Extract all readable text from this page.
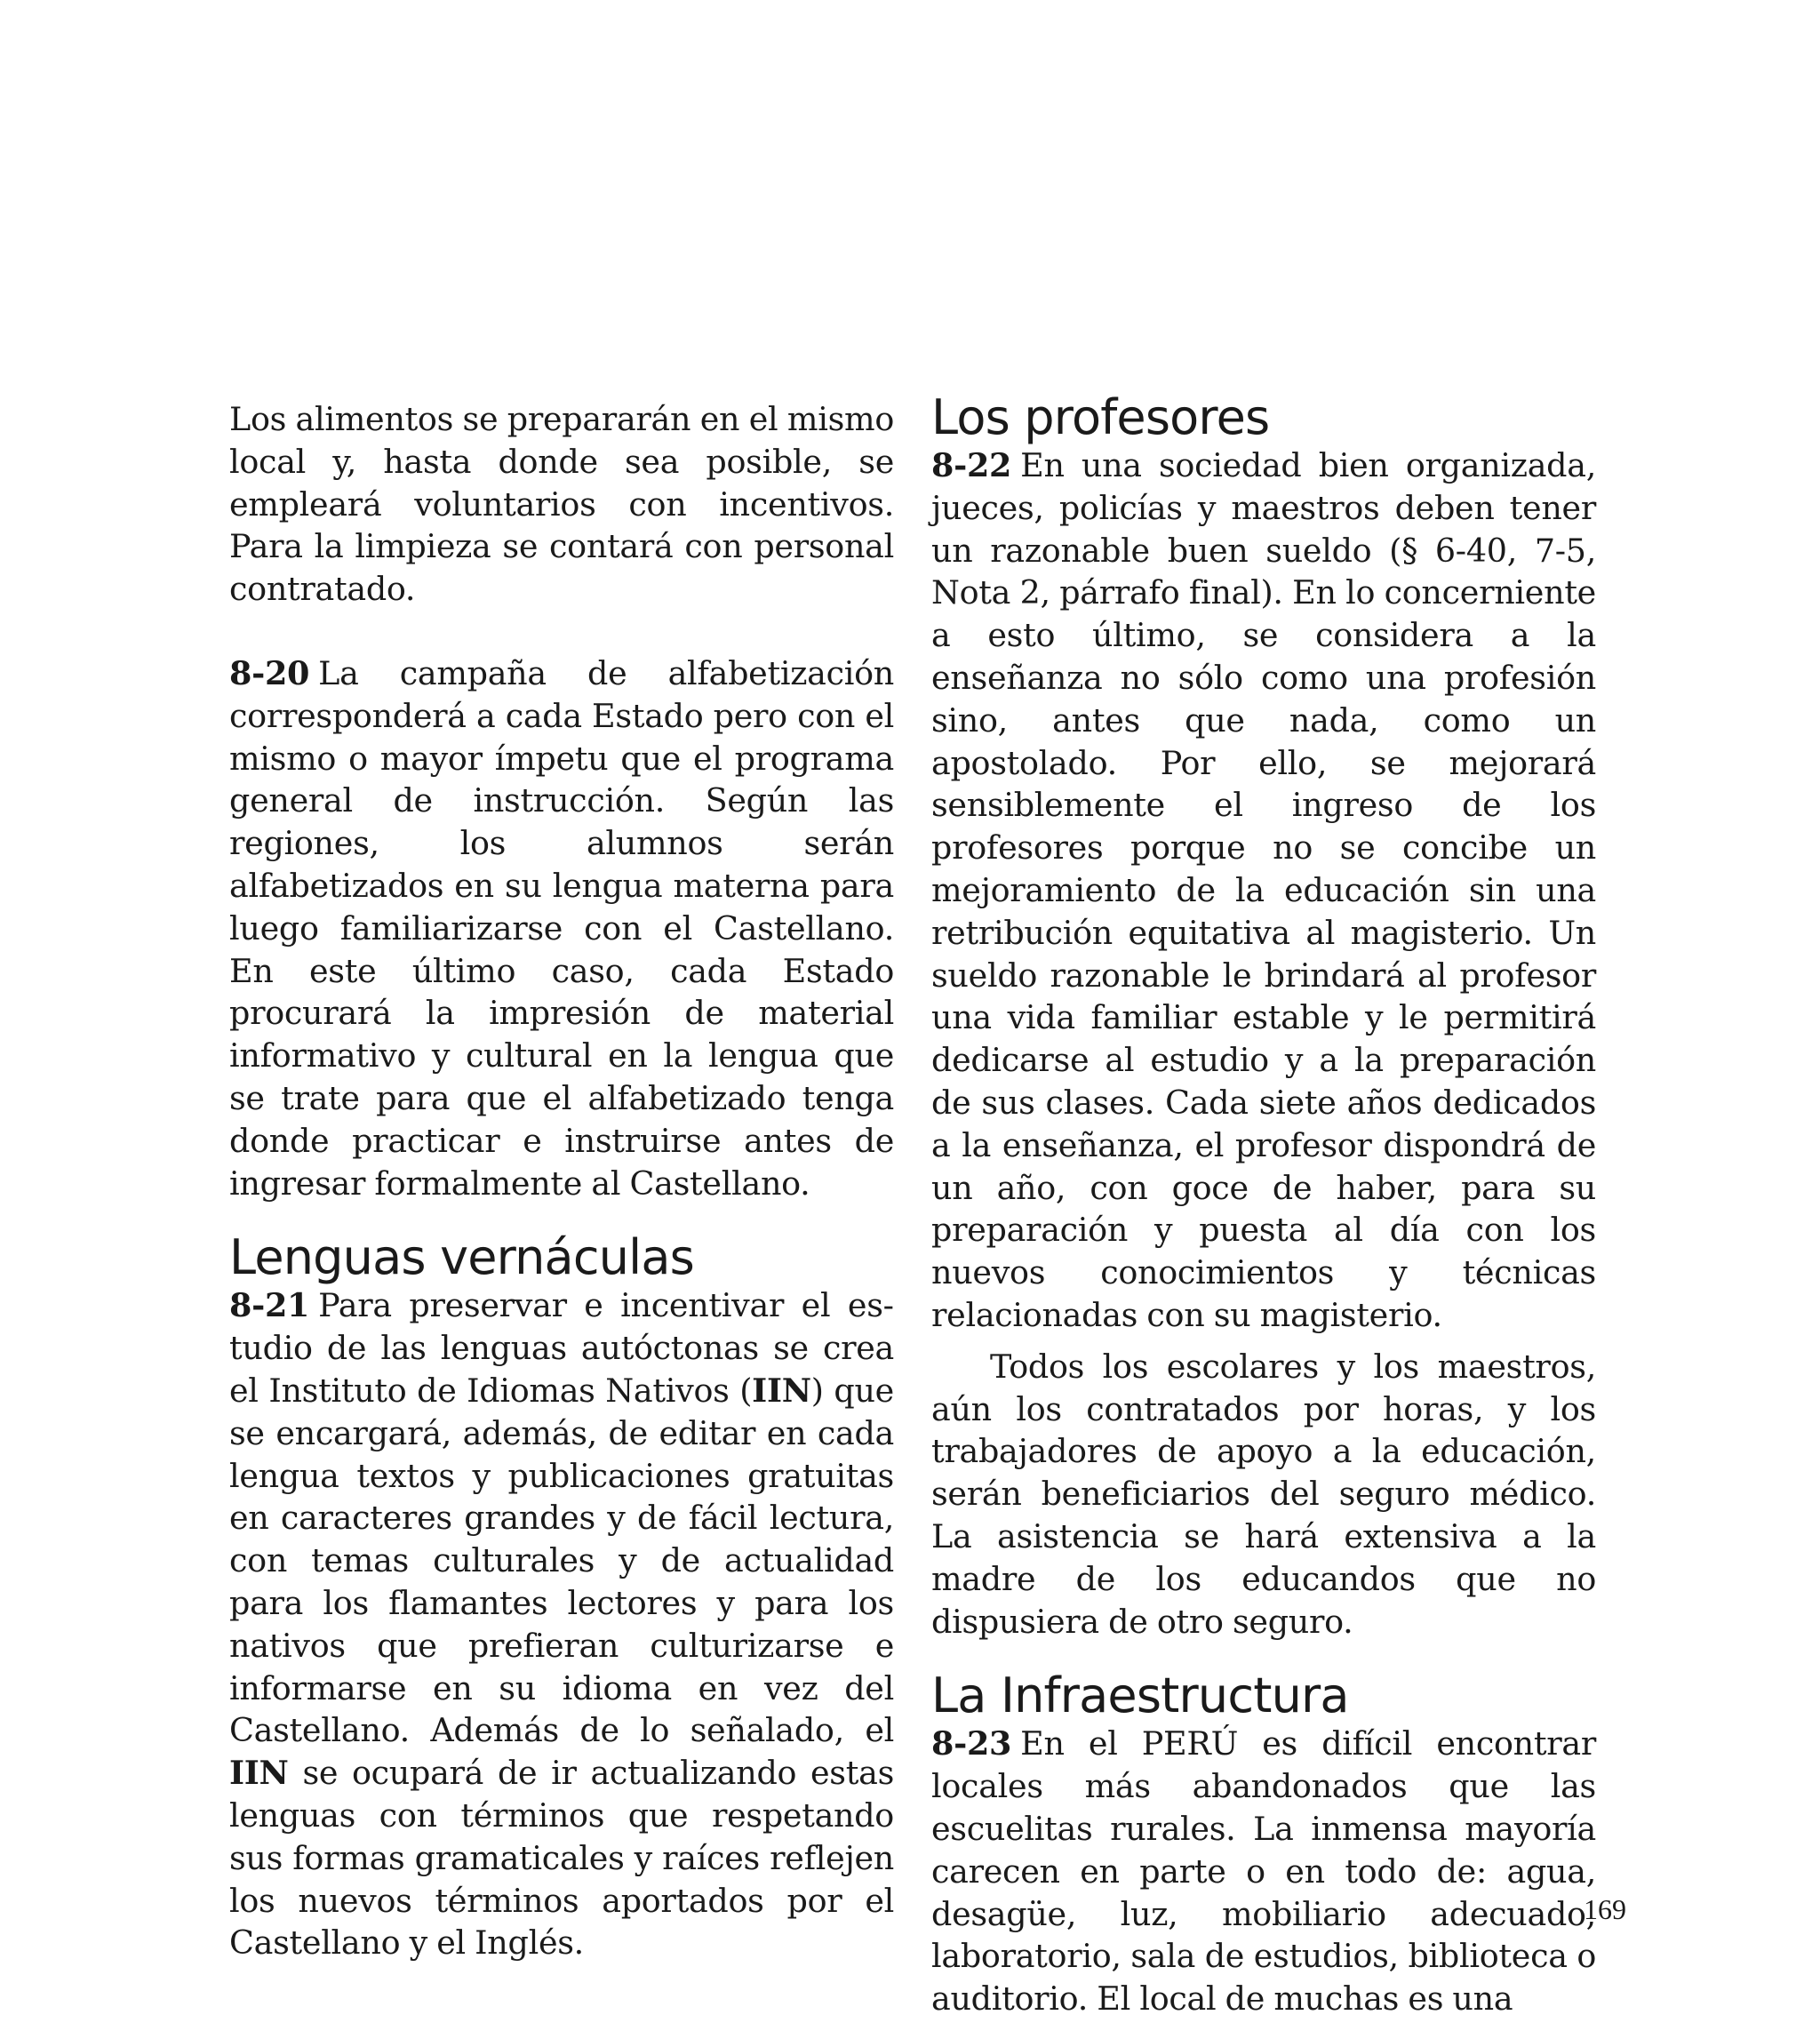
Los alimentos se prepararán en el mismo local y, hasta donde sea posible, se empleará voluntarios con incentivos. Para la limpieza se contará con personal contratado.

8-20 La campaña de alfabetización corresponderá a cada Estado pero con el mismo o mayor ímpetu que el programa general de instrucción. Según las regiones, los alumnos serán alfabetizados en su lengua materna para luego familiarizarse con el Castellano. En este último caso, cada Estado procurará la impresión de material informativo y cultural en la lengua que se trate para que el alfabetizado tenga donde practicar e instruirse antes de ingresar formalmente al Castellano.

Lenguas vernáculas

8-21 Para preservar e incentivar el estudio de las lenguas autóctonas se crea el Instituto de Idiomas Nativos (IIN) que se encargará, además, de editar en cada lengua textos y publicaciones gratuitas en caracteres grandes y de fácil lectura, con temas culturales y de actualidad para los flamantes lectores y para los nativos que prefieran culturizarse e informarse en su idioma en vez del Castellano. Además de lo señalado, el IIN se ocupará de ir actualizando estas lenguas con términos que respetando sus formas gramaticales y raíces reflejen los nuevos términos aportados por el Castellano y el Inglés.

Los profesores

8-22 En una sociedad bien organizada, jueces, policías y maestros deben tener un razonable buen sueldo (§ 6-40, 7-5, Nota 2, párrafo final). En lo concerniente a esto último, se considera a la enseñanza no sólo como una profesión sino, antes que nada, como un apostolado. Por ello, se mejorará sensiblemente el ingreso de los profesores porque no se concibe un mejoramiento de la educación sin una retribución equitativa al magisterio. Un sueldo razonable le brindará al profesor una vida familiar estable y le permitirá dedicarse al estudio y a la preparación de sus clases. Cada siete años dedicados a la enseñanza, el profesor dispondrá de un año, con goce de haber, para su preparación y puesta al día con los nuevos conocimientos y técnicas relacionadas con su magisterio.

Todos los escolares y los maestros, aún los contratados por horas, y los trabajadores de apoyo a la educación, serán beneficiarios del seguro médico. La asistencia se hará extensiva a la madre de los educandos que no dispusiera de otro seguro.

La Infraestructura

8-23 En el PERÚ es difícil encontrar locales más abandonados que las escuelitas rurales. La inmensa mayoría carecen en parte o en todo de: agua, desagüe, luz, mobiliario adecuado, laboratorio, sala de estudios, biblioteca o auditorio. El local de muchas es una

169
